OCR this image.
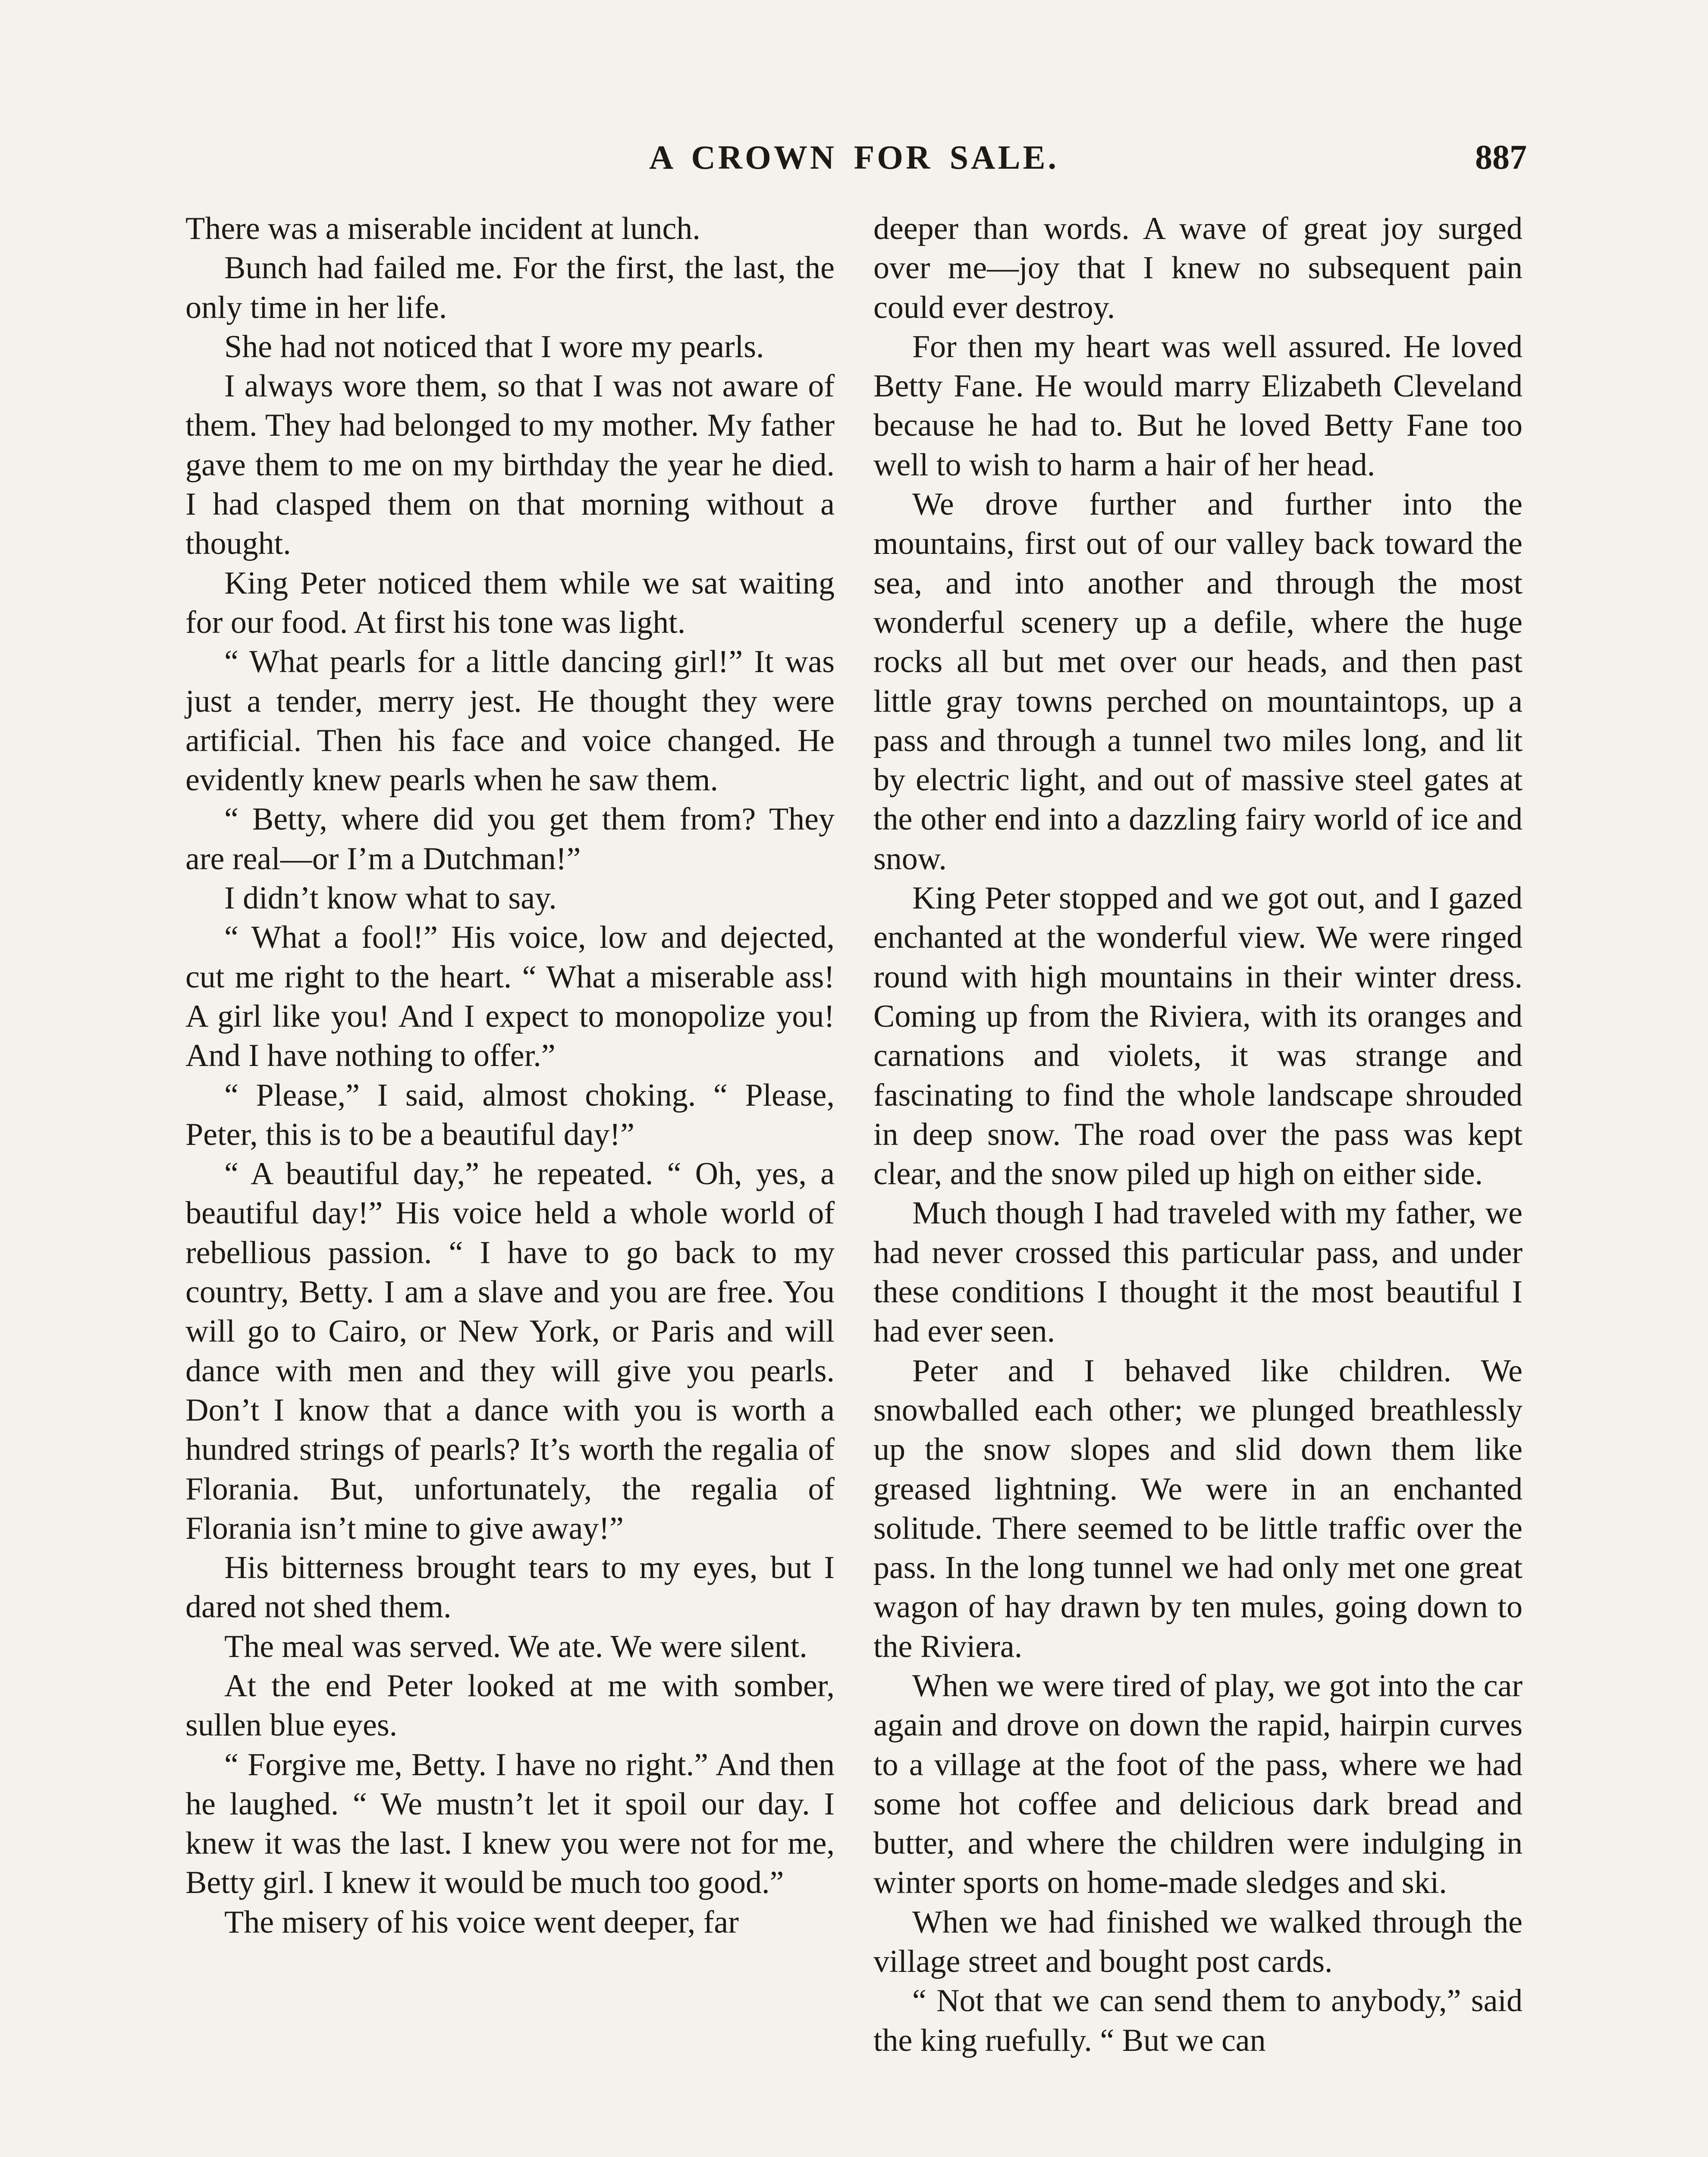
A CROWN FOR SALE.	887

There was a miserable incident at lunch.

Bunch had failed me. For the first, the last, the only time in her life.

She had not noticed that I wore my pearls.

I always wore them, so that I was not aware of them. They had belonged to my mother. My father gave them to me on my birthday the year he died. I had clasped them on that morning without a thought.

King Peter noticed them while we sat waiting for our food. At first his tone was light.

“ What pearls for a little dancing girl!” It was just a tender, merry jest. He thought they were artificial. Then his face and voice changed. He evidently knew pearls when he saw them.

“ Betty, where did you get them from? They are real—or I’m a Dutchman!”

I didn’t know what to say.

“ What a fool!” His voice, low and dejected, cut me right to the heart. “ What a miserable ass! A girl like you! And I expect to monopolize you! And I have nothing to offer.”

“ Please,” I said, almost choking. “ Please, Peter, this is to be a beautiful day!”

“ A beautiful day,” he repeated. “ Oh, yes, a beautiful day!” His voice held a whole world of rebellious passion. “ I have to go back to my country, Betty. I am a slave and you are free. You will go to Cairo, or New York, or Paris and will dance with men and they will give you pearls. Don’t I know that a dance with you is worth a hundred strings of pearls? It’s worth the regalia of Florania. But, unfortunately, the regalia of Florania isn’t mine to give away!”

His bitterness brought tears to my eyes, but I dared not shed them.

The meal was served. We ate. We were silent.

At the end Peter looked at me with somber, sullen blue eyes.

“ Forgive me, Betty. I have no right.” And then he laughed. “ We mustn’t let it spoil our day. I knew it was the last. I knew you were not for me, Betty girl. I knew it would be much too good.”

The misery of his voice went deeper, far

deeper than words. A wave of great joy surged over me—joy that I knew no subsequent pain could ever destroy.

For then my heart was well assured. He loved Betty Fane. He would marry Elizabeth Cleveland because he had to. But he loved Betty Fane too well to wish to harm a hair of her head.

We drove further and further into the mountains, first out of our valley back toward the sea, and into another and through the most wonderful scenery up a defile, where the huge rocks all but met over our heads, and then past little gray towns perched on mountaintops, up a pass and through a tunnel two miles long, and lit by electric light, and out of massive steel gates at the other end into a dazzling fairy world of ice and snow.

King Peter stopped and we got out, and I gazed enchanted at the wonderful view. We were ringed round with high mountains in their winter dress. Coming up from the Riviera, with its oranges and carnations and violets, it was strange and fascinating to find the whole landscape shrouded in deep snow. The road over the pass was kept clear, and the snow piled up high on either side.

Much though I had traveled with my father, we had never crossed this particular pass, and under these conditions I thought it the most beautiful I had ever seen.

Peter and I behaved like children. We snowballed each other; we plunged breathlessly up the snow slopes and slid down them like greased lightning. We were in an enchanted solitude. There seemed to be little traffic over the pass. In the long tunnel we had only met one great wagon of hay drawn by ten mules, going down to the Riviera.

When we were tired of play, we got into the car again and drove on down the rapid, hairpin curves to a village at the foot of the pass, where we had some hot coffee and delicious dark bread and butter, and where the children were indulging in winter sports on home-made sledges and ski.

When we had finished we walked through the village street and bought post cards.

“ Not that we can send them to anybody,” said the king ruefully. “ But we can
